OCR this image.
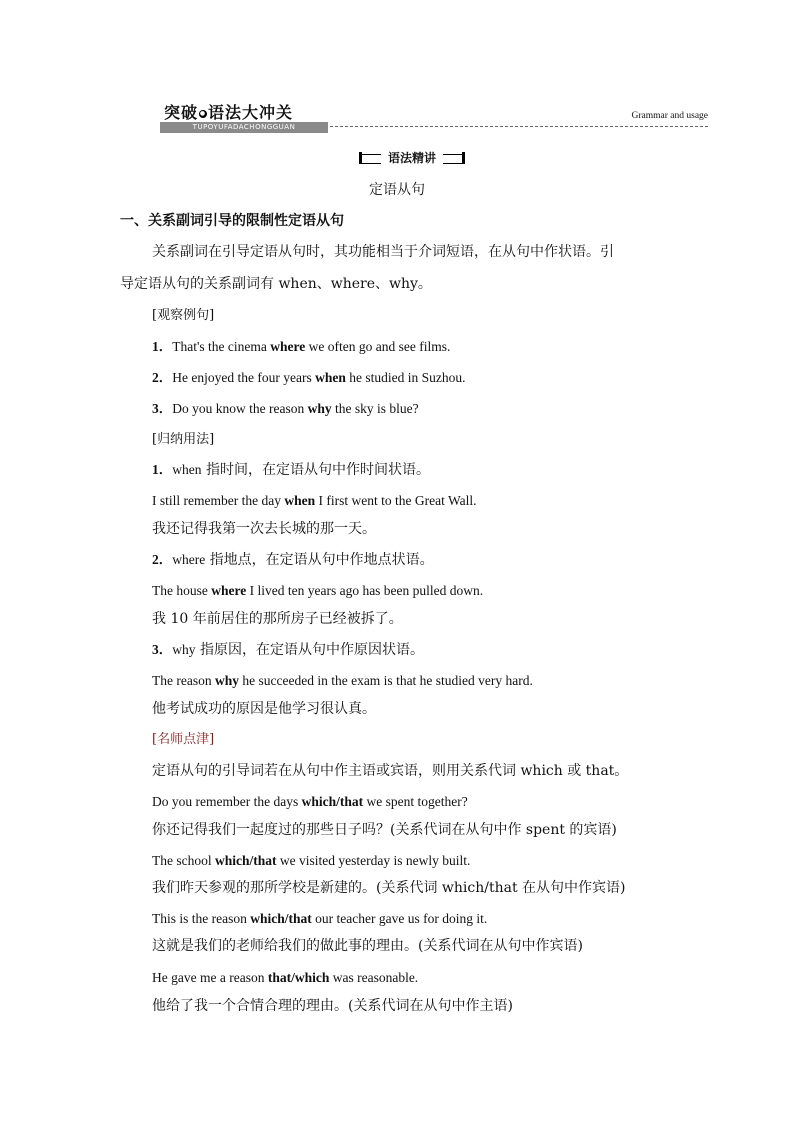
突破 ● 语法大冲关
TUPOYUFADACHONGGUAN
Grammar and usage
语法精讲
定语从句
一、关系副词引导的限制性定语从句
关系副词在引导定语从句时，其功能相当于介词短语，在从句中作状语。引
导定语从句的关系副词有 when、where、why。
[观察例句]
1．That's the cinema where we often go and see films.
2．He enjoyed the four years when he studied in Suzhou.
3．Do you know the reason why the sky is blue?
[归纳用法]
1．when 指时间，在定语从句中作时间状语。
I still remember the day when I first went to the Great Wall.
我还记得我第一次去长城的那一天。
2．where 指地点，在定语从句中作地点状语。
The house where I lived ten years ago has been pulled down.
我 10 年前居住的那所房子已经被拆了。
3．why 指原因，在定语从句中作原因状语。
The reason why he succeeded in the exam is that he studied very hard.
他考试成功的原因是他学习很认真。
[名师点津]
定语从句的引导词若在从句中作主语或宾语，则用关系代词 which 或 that。
Do you remember the days which/that we spent together?
你还记得我们一起度过的那些日子吗？(关系代词在从句中作 spent 的宾语)
The school which/that we visited yesterday is newly built.
我们昨天参观的那所学校是新建的。(关系代词 which/that 在从句中作宾语)
This is the reason which/that our teacher gave us for doing it.
这就是我们的老师给我们的做此事的理由。(关系代词在从句中作宾语)
He gave me a reason that/which was reasonable.
他给了我一个合情合理的理由。(关系代词在从句中作主语)
